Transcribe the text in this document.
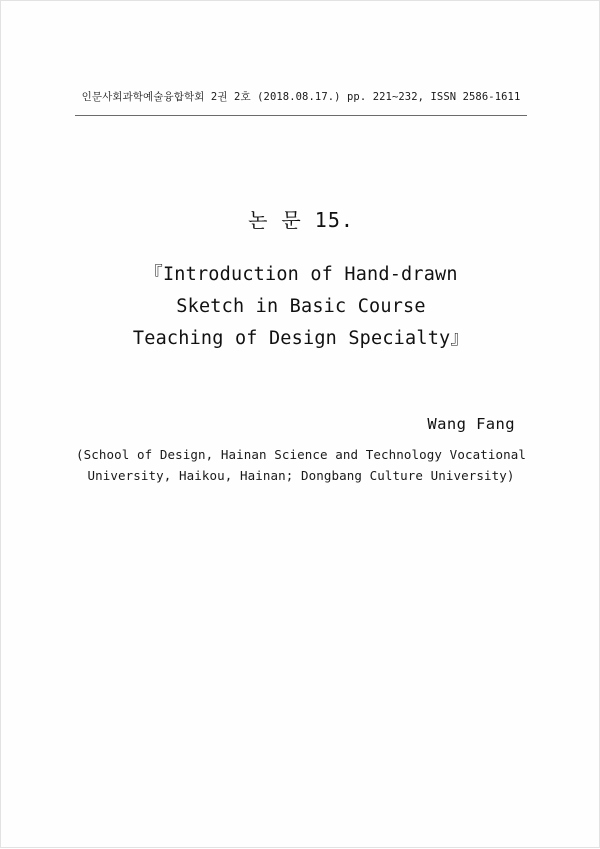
인문사회과학예술융합학회 2권 2호 (2018.08.17.) pp. 221~232, ISSN 2586-1611
논 문 15.
『Introduction of Hand-drawn
Sketch in Basic Course
Teaching of Design Specialty』
Wang Fang
(School of Design, Hainan Science and Technology Vocational
University, Haikou, Hainan; Dongbang Culture University)
